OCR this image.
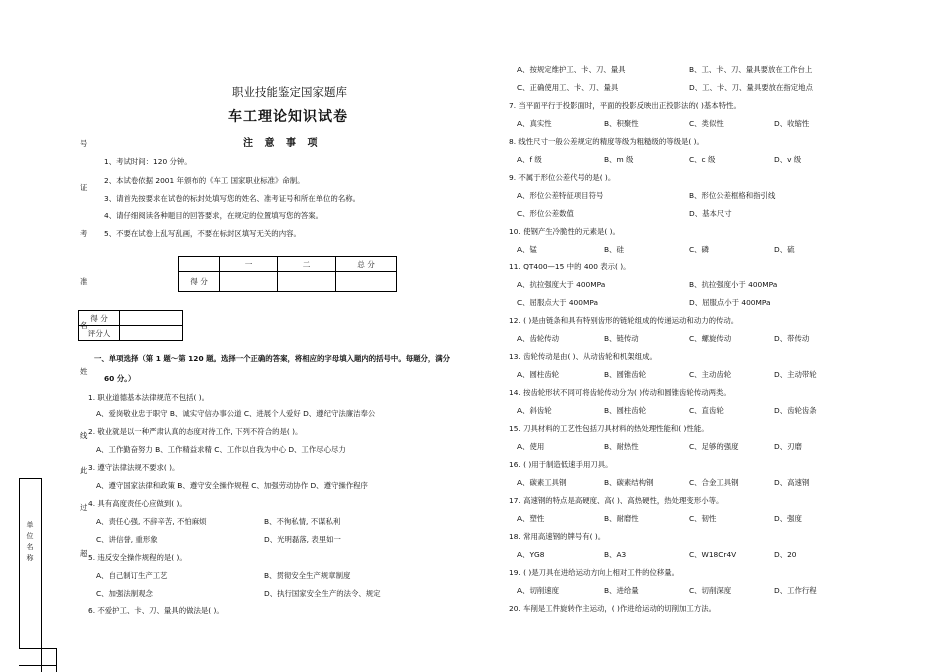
职业技能鉴定国家题库
车工理论知识试卷
注 意 事 项
1、考试时间：120 分钟。
2、本试卷依据 2001 年颁布的《车工 国家职业标准》命制。
3、请首先按要求在试卷的标封处填写您的姓名、准考证号和所在单位的名称。
4、请仔细阅读各种题目的回答要求，在规定的位置填写您的答案。
5、不要在试卷上乱写乱画，不要在标封区填写无关的内容。
	一	二	总 分
得 分			
得 分	
评分人	
一、单项选择（第 1 题～第 120 题。选择一个正确的答案，将相应的字母填入题内的括号中。每题分，满分
60 分。）
1. 职业道德基本法律规范不包括( )。
A、爱岗敬业忠于职守 B、诚实守信办事公道 C、进展个人爱好 D、遵纪守法廉洁奉公
2. 敬业就是以一种严肃认真的态度对待工作, 下列不符合的是( )。
A、工作勤奋努力 B、工作精益求精 C、工作以自我为中心 D、工作尽心尽力
3. 遵守法律法规不要求( )。
A、遵守国家法律和政策 B、遵守安全操作规程 C、加强劳动协作 D、遵守操作程序
4. 具有高度责任心应做到( )。
A、责任心强, 不辞辛苦, 不怕麻烦	B、不徇私情, 不谋私利
C、讲信誉, 重形象	D、光明磊落, 表里如一
5. 违反安全操作规程的是( )。
A、自己制订生产工艺	B、贯彻安全生产规章制度
C、加强法制观念	D、执行国家安全生产的法令、规定
6. 不爱护工、卡、刀、量具的做法是( )。
号
证
考
准
名
姓
线
此
过
超
单 位 名 称
A、按规定维护工、卡、刀、量具	B、工、卡、刀、量具要放在工作台上
C、正确使用工、卡、刀、量具	D、工、卡、刀、量具要放在指定地点
7. 当平面平行于投影面时，平面的投影反映出正投影法的( )基本特性。
A、真实性	B、积聚性	C、类似性	D、收缩性
8. 线性尺寸一般公差规定的精度等级为粗糙级的等级是( )。
A、f 级	B、m 级	C、c 级	D、v 级
9. 不属于形位公差代号的是( )。
A、形位公差特征项目符号	B、形位公差框格和指引线
C、形位公差数值	D、基本尺寸
10. 使钢产生冷脆性的元素是( )。
A、锰	B、硅	C、磷	D、硫
11. QT400—15 中的 400 表示( )。
A、抗拉强度大于 400MPa	B、抗拉强度小于 400MPa
C、屈服点大于 400MPa	D、屈服点小于 400MPa
12. ( )是由链条和具有特别齿形的链轮组成的传递运动和动力的传动。
A、齿轮传动	B、链传动	C、螺旋传动	D、带传动
13. 齿轮传动是由( )、从动齿轮和机架组成。
A、圆柱齿轮	B、圆锥齿轮	C、主动齿轮	D、主动带轮
14. 按齿轮形状不同可将齿轮传动分为( )传动和圆锥齿轮传动两类。
A、斜齿轮	B、圆柱齿轮	C、直齿轮	D、齿轮齿条
15. 刀具材料的工艺性包括刀具材料的热处理性能和( )性能。
A、使用	B、耐热性	C、足够的强度	D、刃磨
16. ( )用于制造低速手用刀具。
A、碳素工具钢	B、碳素结构钢	C、合金工具钢	D、高速钢
17. 高速钢的特点是高硬度、高( )、高热硬性，热处理变形小等。
A、塑性	B、耐磨性	C、韧性	D、强度
18. 常用高速钢的牌号有( )。
A、YG8	B、A3	C、W18Cr4V	D、20
19. ( )是刀具在进给运动方向上相对工件的位移量。
A、切削速度	B、进给量	C、切削深度	D、工作行程
20. 车削是工件旋转作主运动，( )作进给运动的切削加工方法。
